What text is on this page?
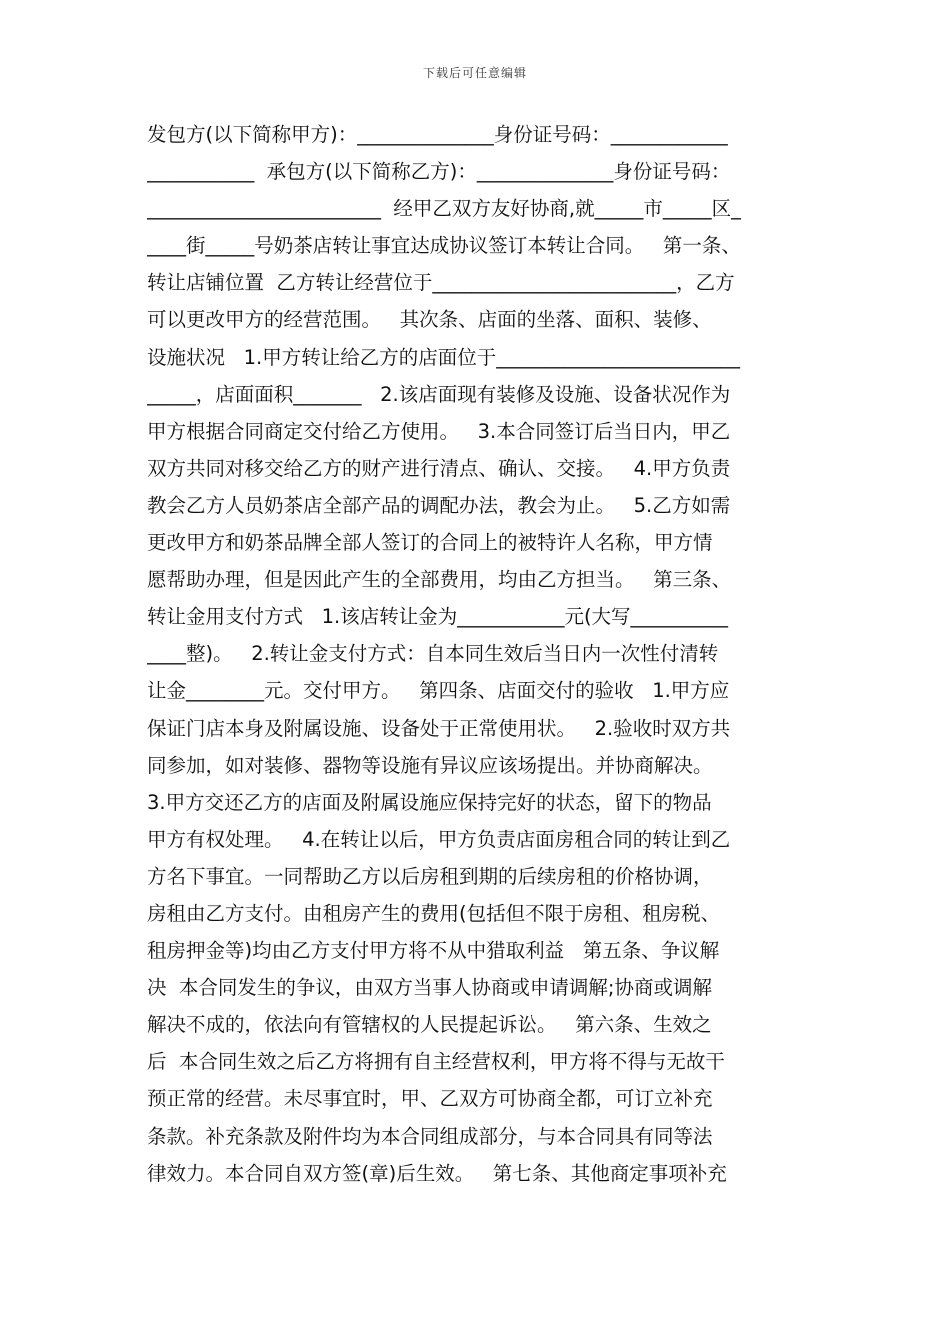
下载后可任意编辑
发包方(以下简称甲方)：______________身份证号码：____________
___________  承包方(以下简称乙方)：______________身份证号码：
________________________  经甲乙双方友好协商,就_____市_____区_
____街_____号奶茶店转让事宜达成协议签订本转让合同。   第一条、
转让店铺位置  乙方转让经营位于_________________________，乙方
可以更改甲方的经营范围。   其次条、店面的坐落、面积、装修、
设施状况   1.甲方转让给乙方的店面位于_________________________
_____，店面面积_______   2.该店面现有装修及设施、设备状况作为
甲方根据合同商定交付给乙方使用。   3.本合同签订后当日内，甲乙
双方共同对移交给乙方的财产进行清点、确认、交接。   4.甲方负责
教会乙方人员奶茶店全部产品的调配办法，教会为止。   5.乙方如需
更改甲方和奶茶品牌全部人签订的合同上的被特许人名称，甲方情
愿帮助办理，但是因此产生的全部费用，均由乙方担当。   第三条、
转让金用支付方式   1.该店转让金为___________元(大写__________
____整)。   2.转让金支付方式：自本同生效后当日内一次性付清转
让金________元。交付甲方。   第四条、店面交付的验收   1.甲方应
保证门店本身及附属设施、设备处于正常使用状。   2.验收时双方共
同参加，如对装修、器物等设施有异议应该场提出。并协商解决。
3.甲方交还乙方的店面及附属设施应保持完好的状态，留下的物品
甲方有权处理。   4.在转让以后，甲方负责店面房租合同的转让到乙
方名下事宜。一同帮助乙方以后房租到期的后续房租的价格协调，
房租由乙方支付。由租房产生的费用(包括但不限于房租、租房税、
租房押金等)均由乙方支付甲方将不从中猎取利益   第五条、争议解
决  本合同发生的争议，由双方当事人协商或申请调解;协商或调解
解决不成的，依法向有管辖权的人民提起诉讼。   第六条、生效之
后  本合同生效之后乙方将拥有自主经营权利，甲方将不得与无故干
预正常的经营。未尽事宜时，甲、乙双方可协商全都，可订立补充
条款。补充条款及附件均为本合同组成部分，与本合同具有同等法
律效力。本合同自双方签(章)后生效。   第七条、其他商定事项补充
